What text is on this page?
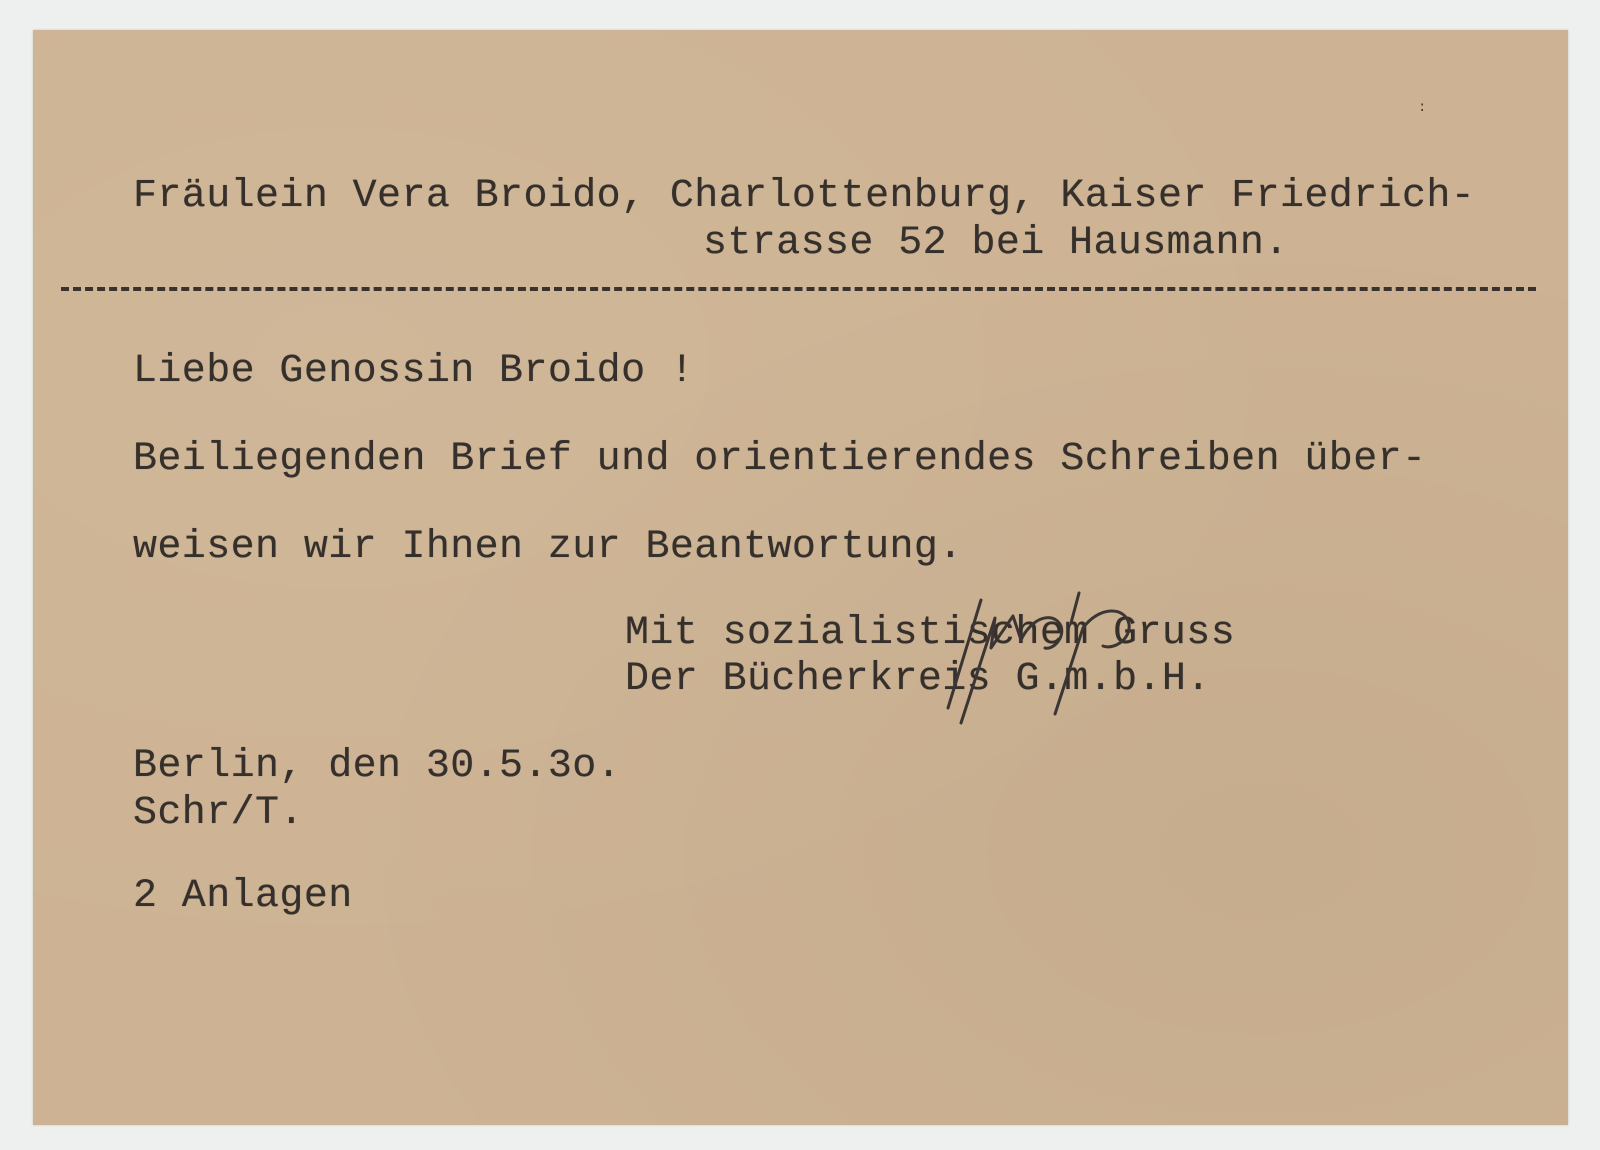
:
Fräulein Vera Broido, Charlottenburg, Kaiser Friedrich-
strasse 52 bei Hausmann.
Liebe Genossin Broido !
Beiliegenden Brief und orientierendes Schreiben über-
weisen wir Ihnen zur Beantwortung.
Mit sozialistischem Gruss
Der Bücherkreis G.m.b.H.
Berlin, den 30.5.3o.
Schr/T.
2 Anlagen
